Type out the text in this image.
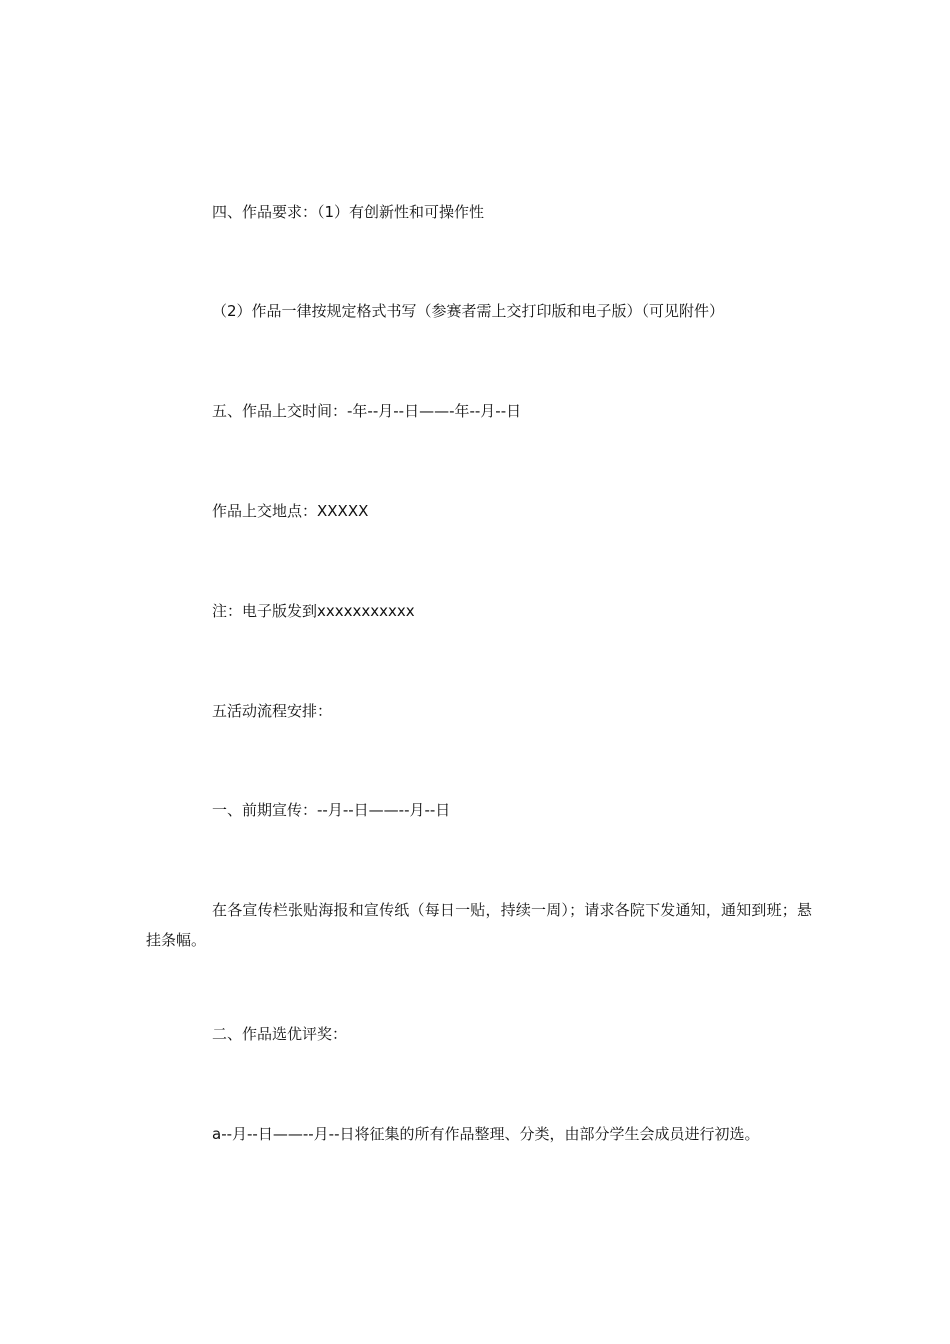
四、作品要求：（1）有创新性和可操作性

（2）作品一律按规定格式书写（参赛者需上交打印版和电子版）（可见附件）

五、作品上交时间：-年--月--日——-年--月--日

作品上交地点：XXXXX

注：电子版发到xxxxxxxxxxx

五活动流程安排：

一、前期宣传：--月--日——--月--日

在各宣传栏张贴海报和宣传纸（每日一贴，持续一周）；请求各院下发通知，通知到班；悬挂条幅。

二、作品选优评奖：

a--月--日——--月--日将征集的所有作品整理、分类，由部分学生会成员进行初选。
